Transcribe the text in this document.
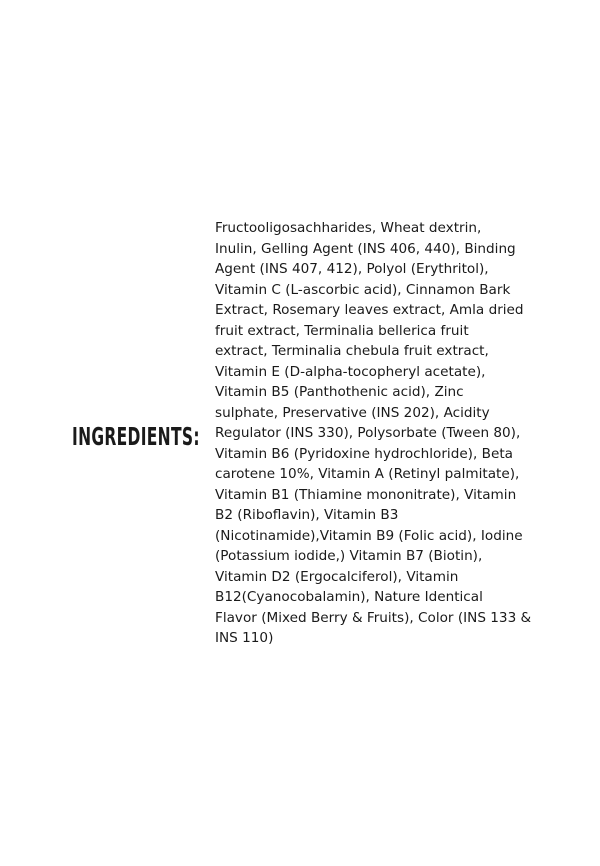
INGREDIENTS:

Fructooligosachharides, Wheat dextrin,
Inulin, Gelling Agent (INS 406, 440), Binding
Agent (INS 407, 412), Polyol (Erythritol),
Vitamin C (L-ascorbic acid), Cinnamon Bark
Extract, Rosemary leaves extract, Amla dried
fruit extract, Terminalia bellerica fruit
extract, Terminalia chebula fruit extract,
Vitamin E (D-alpha-tocopheryl acetate),
Vitamin B5 (Panthothenic acid), Zinc
sulphate, Preservative (INS 202), Acidity
Regulator (INS 330), Polysorbate (Tween 80),
Vitamin B6 (Pyridoxine hydrochloride), Beta
carotene 10%, Vitamin A (Retinyl palmitate),
Vitamin B1 (Thiamine mononitrate), Vitamin
B2 (Riboflavin), Vitamin B3
(Nicotinamide),Vitamin B9 (Folic acid), Iodine
(Potassium iodide,) Vitamin B7 (Biotin),
Vitamin D2 (Ergocalciferol), Vitamin
B12(Cyanocobalamin), Nature Identical
Flavor (Mixed Berry & Fruits), Color (INS 133 &
INS 110)
